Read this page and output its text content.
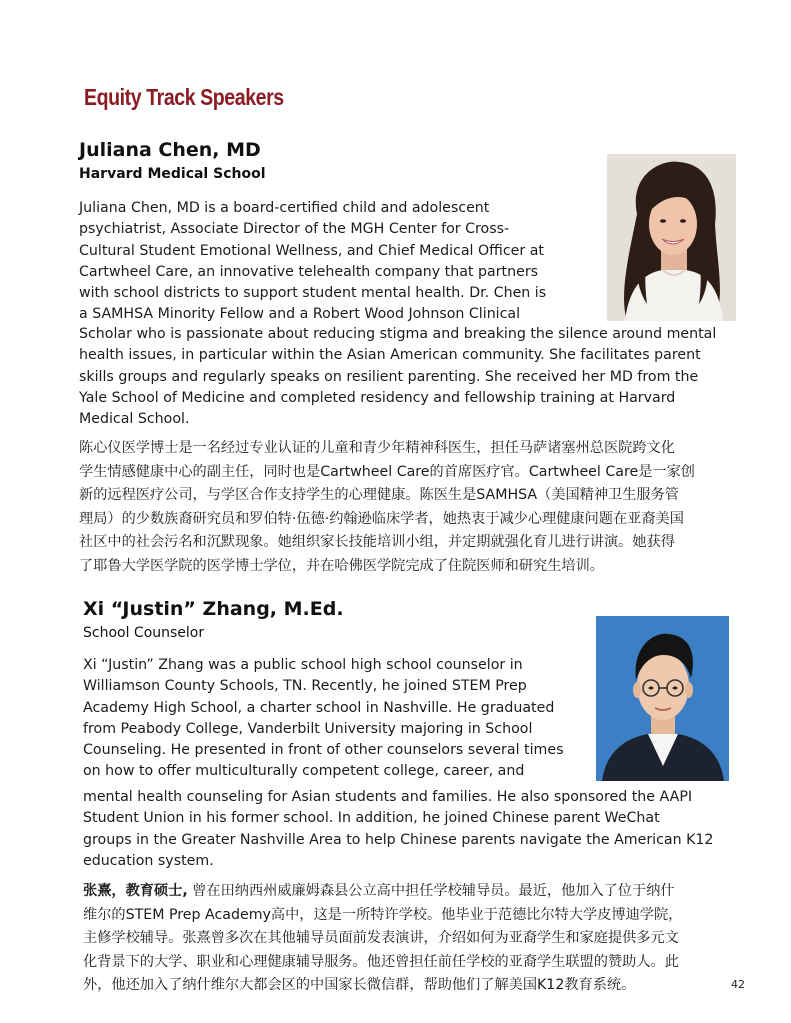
Equity Track Speakers
Juliana Chen, MD
Harvard Medical School
Juliana Chen, MD is a board-certified child and adolescent
psychiatrist, Associate Director of the MGH Center for Cross-
Cultural Student Emotional Wellness, and Chief Medical Officer at
Cartwheel Care, an innovative telehealth company that partners
with school districts to support student mental health. Dr. Chen is
a SAMHSA Minority Fellow and a Robert Wood Johnson Clinical
Scholar who is passionate about reducing stigma and breaking the silence around mental
health issues, in particular within the Asian American community. She facilitates parent
skills groups and regularly speaks on resilient parenting. She received her MD from the
Yale School of Medicine and completed residency and fellowship training at Harvard
Medical School.
陈心仪医学博士是一名经过专业认证的儿童和青少年精神科医生，担任马萨诸塞州总医院跨文化
学生情感健康中心的副主任，同时也是Cartwheel Care的首席医疗官。Cartwheel Care是一家创
新的远程医疗公司，与学区合作支持学生的心理健康。陈医生是SAMHSA（美国精神卫生服务管
理局）的少数族裔研究员和罗伯特·伍德·约翰逊临床学者，她热衷于减少心理健康问题在亚裔美国
社区中的社会污名和沉默现象。她组织家长技能培训小组，并定期就强化育儿进行讲演。她获得
了耶鲁大学医学院的医学博士学位，并在哈佛医学院完成了住院医师和研究生培训。
Xi “Justin” Zhang, M.Ed.
School Counselor
Xi “Justin” Zhang was a public school high school counselor in
Williamson County Schools, TN. Recently, he joined STEM Prep
Academy High School, a charter school in Nashville. He graduated
from Peabody College, Vanderbilt University majoring in School
Counseling. He presented in front of other counselors several times
on how to offer multiculturally competent college, career, and
mental health counseling for Asian students and families. He also sponsored the AAPI
Student Union in his former school. In addition, he joined Chinese parent WeChat
groups in the Greater Nashville Area to help Chinese parents navigate the American K12
education system.
张熹，教育硕士, 曾在田纳西州威廉姆森县公立高中担任学校辅导员。最近，他加入了位于纳什
维尔的STEM Prep Academy高中，这是一所特许学校。他毕业于范德比尔特大学皮博迪学院，
主修学校辅导。张熹曾多次在其他辅导员面前发表演讲，介绍如何为亚裔学生和家庭提供多元文
化背景下的大学、职业和心理健康辅导服务。他还曾担任前任学校的亚裔学生联盟的赞助人。此
外，他还加入了纳什维尔大都会区的中国家长微信群，帮助他们了解美国K12教育系统。	42
